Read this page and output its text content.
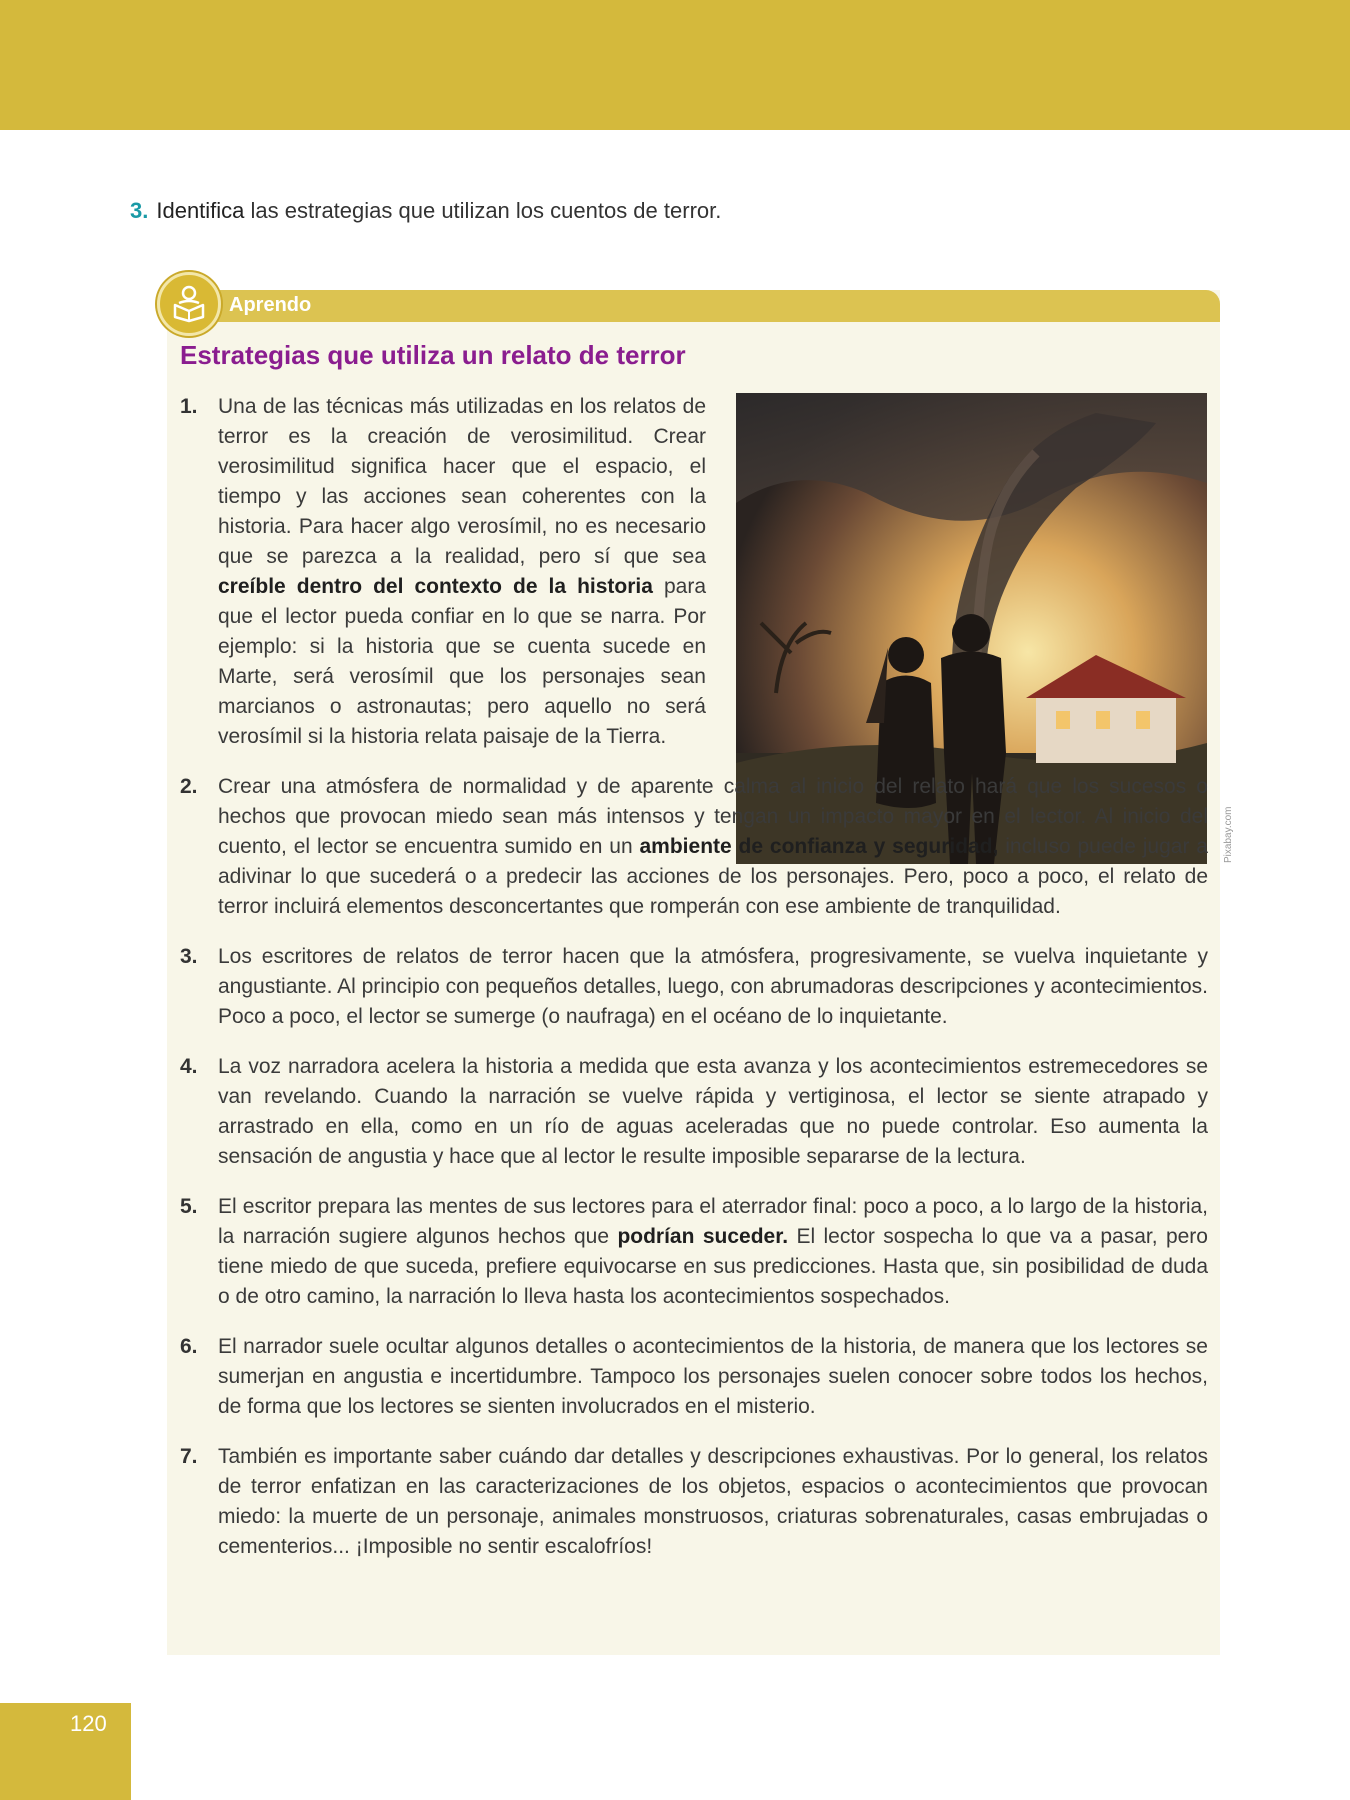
3. Identifica las estrategias que utilizan los cuentos de terror.
Aprendo
Estrategias que utiliza un relato de terror
Pixabay.com
1. Una de las técnicas más utilizadas en los relatos de terror es la creación de verosimilitud. Crear verosimilitud significa hacer que el espacio, el tiempo y las acciones sean coherentes con la historia. Para hacer algo verosímil, no es necesario que se parezca a la realidad, pero sí que sea creíble dentro del contexto de la historia para que el lector pueda confiar en lo que se narra. Por ejemplo: si la historia que se cuenta sucede en Marte, será verosímil que los personajes sean marcianos o astronautas; pero aquello no será verosímil si la historia relata paisaje de la Tierra.
2. Crear una atmósfera de normalidad y de aparente calma al inicio del relato hará que los sucesos o hechos que provocan miedo sean más intensos y tengan un impacto mayor en el lector. Al inicio del cuento, el lector se encuentra sumido en un ambiente de confianza y seguridad, incluso puede jugar a adivinar lo que sucederá o a predecir las acciones de los personajes. Pero, poco a poco, el relato de terror incluirá elementos desconcertantes que romperán con ese ambiente de tranquilidad.
3. Los escritores de relatos de terror hacen que la atmósfera, progresivamente, se vuelva inquietante y angustiante. Al principio con pequeños detalles, luego, con abrumadoras descripciones y acontecimientos. Poco a poco, el lector se sumerge (o naufraga) en el océano de lo inquietante.
4. La voz narradora acelera la historia a medida que esta avanza y los acontecimientos estremecedores se van revelando. Cuando la narración se vuelve rápida y vertiginosa, el lector se siente atrapado y arrastrado en ella, como en un río de aguas aceleradas que no puede controlar. Eso aumenta la sensación de angustia y hace que al lector le resulte imposible separarse de la lectura.
5. El escritor prepara las mentes de sus lectores para el aterrador final: poco a poco, a lo largo de la historia, la narración sugiere algunos hechos que podrían suceder. El lector sospecha lo que va a pasar, pero tiene miedo de que suceda, prefiere equivocarse en sus predicciones. Hasta que, sin posibilidad de duda o de otro camino, la narración lo lleva hasta los acontecimientos sospechados.
6. El narrador suele ocultar algunos detalles o acontecimientos de la historia, de manera que los lectores se sumerjan en angustia e incertidumbre. Tampoco los personajes suelen conocer sobre todos los hechos, de forma que los lectores se sienten involucrados en el misterio.
7. También es importante saber cuándo dar detalles y descripciones exhaustivas. Por lo general, los relatos de terror enfatizan en las caracterizaciones de los objetos, espacios o acontecimientos que provocan miedo: la muerte de un personaje, animales monstruosos, criaturas sobrenaturales, casas embrujadas o cementerios... ¡Imposible no sentir escalofríos!
120
